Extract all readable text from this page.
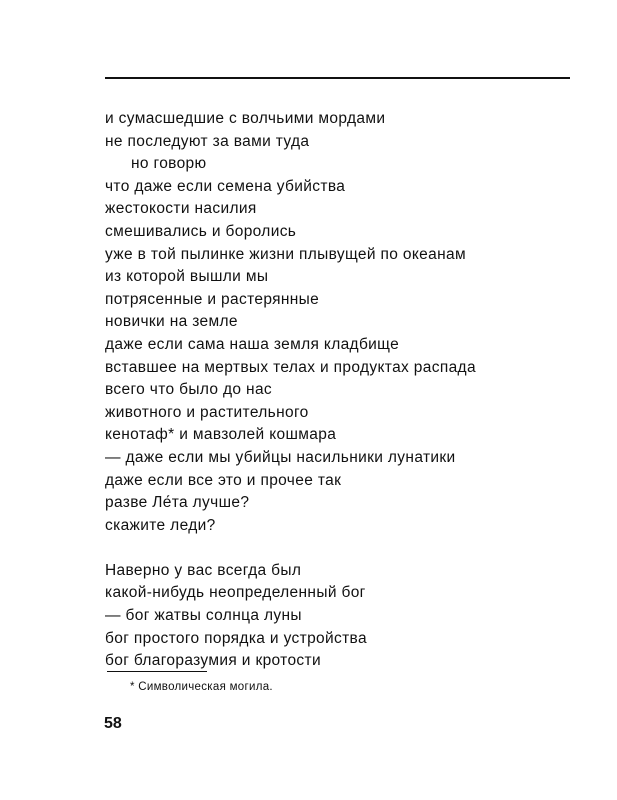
и сумасшедшие с волчьими мордами
не последуют за вами туда
но говорю
что даже если семена убийства
жестокости насилия
смешивались и боролись
уже в той пылинке жизни плывущей по океанам
из которой вышли мы
потрясенные и растерянные
новички на земле
даже если сама наша земля кладбище
вставшее на мертвых телах и продуктах распада
всего что было до нас
животного и растительного
кенотаф* и мавзолей кошмара
— даже если мы убийцы насильники лунатики
даже если все это и прочее так
разве Ле́та лучше?
скажите леди?
Наверно у вас всегда был
какой-нибудь неопределенный бог
— бог жатвы солнца луны
бог простого порядка и устройства
бог благоразумия и кротости
* Символическая могила.
58
